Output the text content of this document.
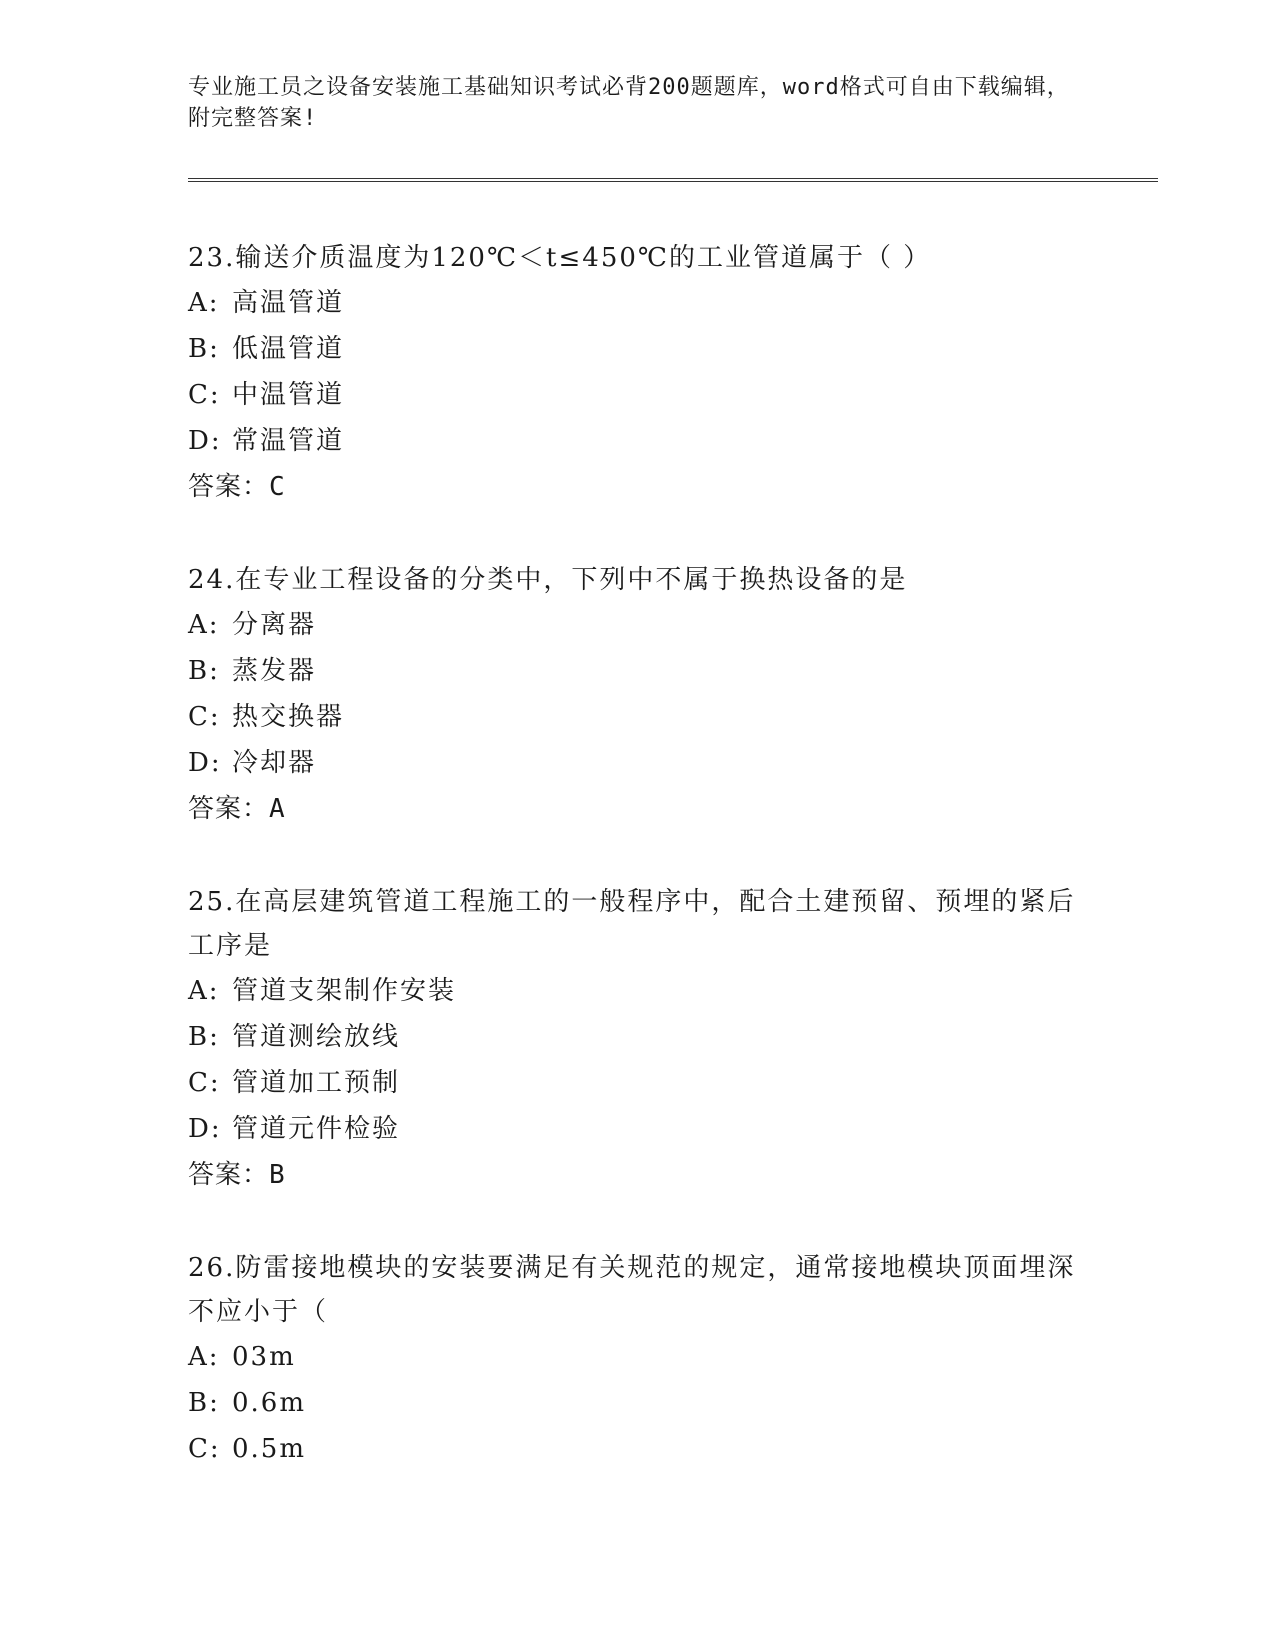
专业施工员之设备安装施工基础知识考试必背200题题库，word格式可自由下载编辑，附完整答案!
23.输送介质温度为120℃＜t≤450℃的工业管道属于（ ）
A: 高温管道
B: 低温管道
C: 中温管道
D: 常温管道
答案：C
24.在专业工程设备的分类中，下列中不属于换热设备的是
A: 分离器
B: 蒸发器
C: 热交换器
D: 冷却器
答案：A
25.在高层建筑管道工程施工的一般程序中，配合土建预留、预埋的紧后工序是
A: 管道支架制作安装
B: 管道测绘放线
C: 管道加工预制
D: 管道元件检验
答案：B
26.防雷接地模块的安装要满足有关规范的规定，通常接地模块顶面埋深不应小于（
A: 03m
B: 0.6m
C: 0.5m
